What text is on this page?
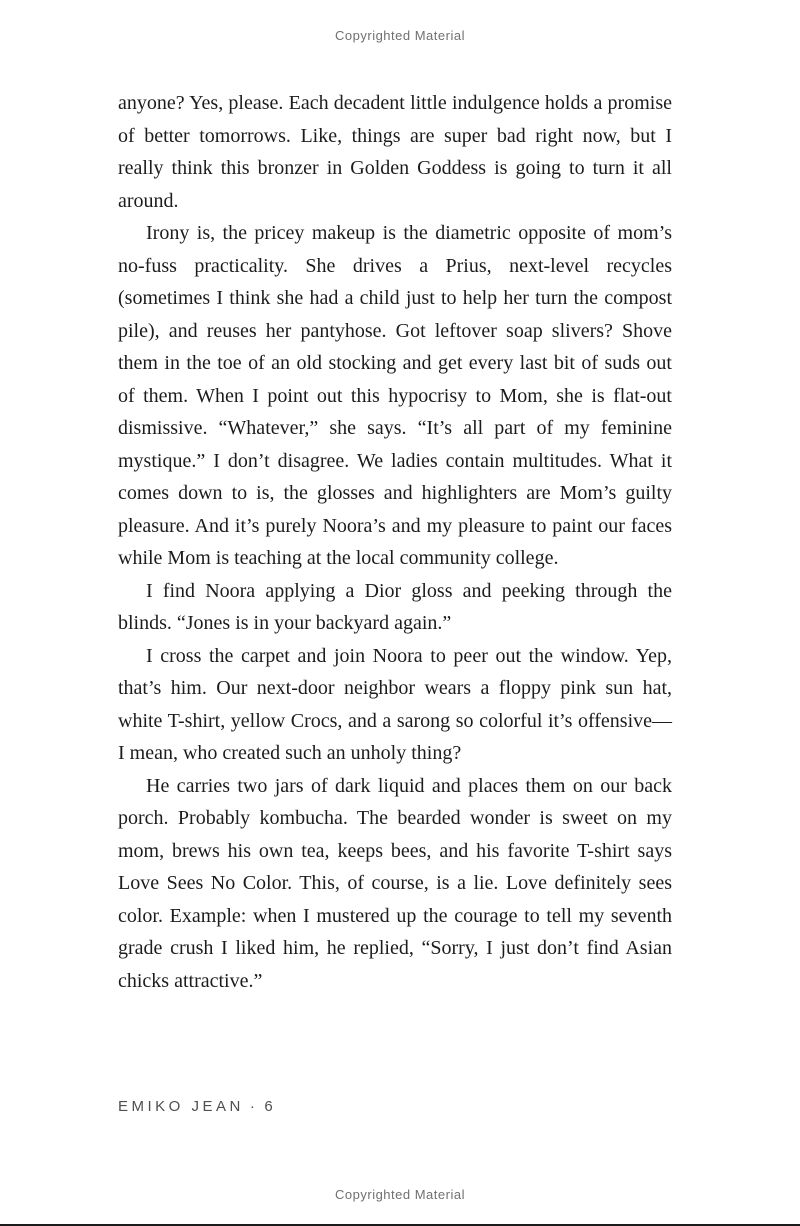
Copyrighted Material

anyone? Yes, please. Each decadent little indulgence holds a promise of better tomorrows. Like, things are super bad right now, but I really think this bronzer in Golden Goddess is going to turn it all around.

Irony is, the pricey makeup is the diametric opposite of mom’s no-fuss practicality. She drives a Prius, next-level recycles (sometimes I think she had a child just to help her turn the compost pile), and reuses her pantyhose. Got leftover soap slivers? Shove them in the toe of an old stocking and get every last bit of suds out of them. When I point out this hypocrisy to Mom, she is flat-out dismissive. “Whatever,” she says. “It’s all part of my feminine mystique.” I don’t disagree. We ladies contain multitudes. What it comes down to is, the glosses and highlighters are Mom’s guilty pleasure. And it’s purely Noora’s and my pleasure to paint our faces while Mom is teaching at the local community college.

I find Noora applying a Dior gloss and peeking through the blinds. “Jones is in your backyard again.”

I cross the carpet and join Noora to peer out the window. Yep, that’s him. Our next-door neighbor wears a floppy pink sun hat, white T-shirt, yellow Crocs, and a sarong so colorful it’s offensive—I mean, who created such an unholy thing?

He carries two jars of dark liquid and places them on our back porch. Probably kombucha. The bearded wonder is sweet on my mom, brews his own tea, keeps bees, and his favorite T-shirt says Love Sees No Color. This, of course, is a lie. Love definitely sees color. Example: when I mustered up the courage to tell my seventh grade crush I liked him, he replied, “Sorry, I just don’t find Asian chicks attractive.”

EMIKO JEAN · 6
Copyrighted Material
